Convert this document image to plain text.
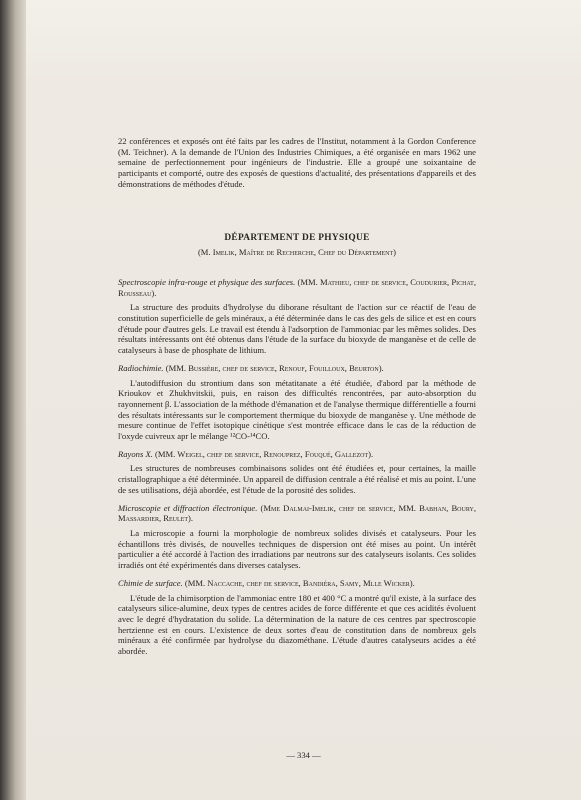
22 conférences et exposés ont été faits par les cadres de l'Institut, notamment à la Gordon Conference (M. Teichner). A la demande de l'Union des Industries Chimiques, a été organisée en mars 1962 une semaine de perfectionnement pour ingénieurs de l'industrie. Elle a groupé une soixantaine de participants et comporté, outre des exposés de questions d'actualité, des présentations d'appareils et des démonstrations de méthodes d'étude.

DÉPARTEMENT DE PHYSIQUE
(M. Imelik, Maître de Recherche, Chef du Département)

Spectroscopie infra-rouge et physique des surfaces. (MM. Mathieu, chef de service, Coudurier, Pichat, Rousseau).

La structure des produits d'hydrolyse du diborane résultant de l'action sur ce réactif de l'eau de constitution superficielle de gels minéraux, a été déterminée dans le cas des gels de silice et est en cours d'étude pour d'autres gels. Le travail est étendu à l'adsorption de l'ammoniac par les mêmes solides. Des résultats intéressants ont été obtenus dans l'étude de la surface du bioxyde de manganèse et de celle de catalyseurs à base de phosphate de lithium.

Radiochimie. (MM. Bussière, chef de service, Renouf, Fouilloux, Beurton).

L'autodiffusion du strontium dans son métatitanate a été étudiée, d'abord par la méthode de Krioukov et Zhukhvitskii, puis, en raison des difficultés rencontrées, par auto-absorption du rayonnement β. L'association de la méthode d'émanation et de l'analyse thermique différentielle a fourni des résultats intéressants sur le comportement thermique du bioxyde de manganèse γ. Une méthode de mesure continue de l'effet isotopique cinétique s'est montrée efficace dans le cas de la réduction de l'oxyde cuivreux apr le mélange ¹²CO-¹⁴CO.

Rayons X. (MM. Weigel, chef de service, Renouprez, Fouqué, Gallezot).

Les structures de nombreuses combinaisons solides ont été étudiées et, pour certaines, la maille cristallographique a été déterminée. Un appareil de diffusion centrale a été réalisé et mis au point. L'une de ses utilisations, déjà abordée, est l'étude de la porosité des solides.

Microscopie et diffraction électronique. (Mme Dalmai-Imelik, chef de service, MM. Babhan, Boury, Massardier, Reulet).

La microscopie a fourni la morphologie de nombreux solides divisés et catalyseurs. Pour les échantillons très divisés, de nouvelles techniques de dispersion ont été mises au point. Un intérêt particulier a été accordé à l'action des irradiations par neutrons sur des catalyseurs isolants. Ces solides irradiés ont été expérimentés dans diverses catalyses.

Chimie de surface. (MM. Naccache, chef de service, Bandiéra, Samy, Mlle Wicker).

L'étude de la chimisorption de l'ammoniac entre 180 et 400 °C a montré qu'il existe, à la surface des catalyseurs silice-alumine, deux types de centres acides de force différente et que ces acidités évoluent avec le degré d'hydratation du solide. La détermination de la nature de ces centres par spectroscopie hertzienne est en cours. L'existence de deux sortes d'eau de constitution dans de nombreux gels minéraux a été confirmée par hydrolyse du diazométhane. L'étude d'autres catalyseurs acides a été abordée.

— 334 —
